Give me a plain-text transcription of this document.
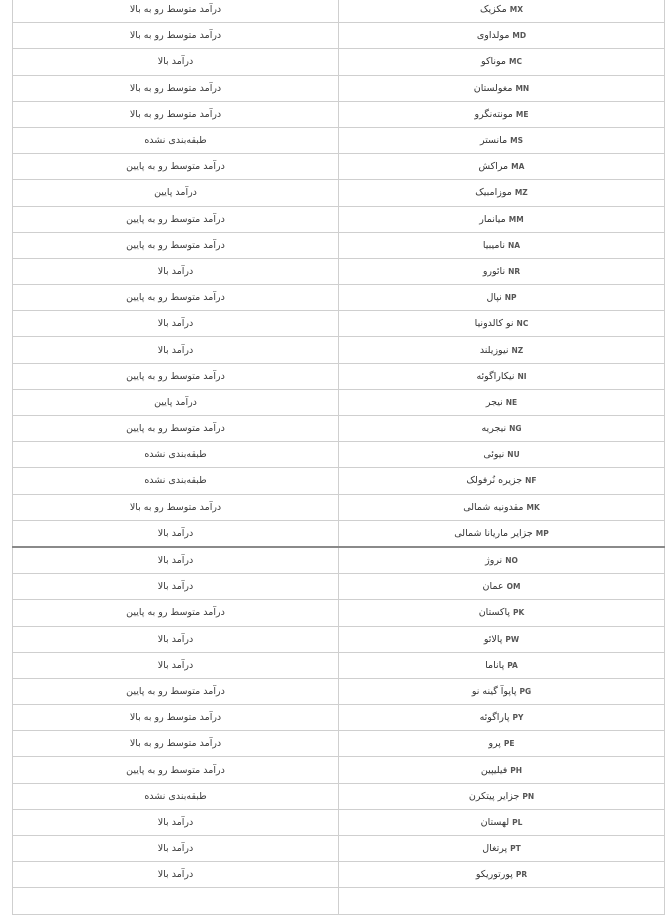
MXمکزیک	درآمد متوسط رو به بالا
MDمولداوی	درآمد متوسط رو به بالا
MCموناکو	درآمد بالا
MNمغولستان	درآمد متوسط رو به بالا
MEمونته‌نگرو	درآمد متوسط رو به بالا
MSمانستر	طبقه‌بندی نشده
MAمراکش	درآمد متوسط رو به پایین
MZموزامبیک	درآمد پایین
MMمیانمار	درآمد متوسط رو به پایین
NAنامیبیا	درآمد متوسط رو به پایین
NRنائورو	درآمد بالا
NPنپال	درآمد متوسط رو به پایین
NCنو کالدونیا	درآمد بالا
NZنیوزیلند	درآمد بالا
NIنیکاراگوئه	درآمد متوسط رو به پایین
NEنیجر	درآمد پایین
NGنیجریه	درآمد متوسط رو به پایین
NUنیوئی	طبقه‌بندی نشده
NFجزیره نُرفولک	طبقه‌بندی نشده
MKمقدونیه شمالی	درآمد متوسط رو به بالا
MPجزایر ماریانا شمالی	درآمد بالا
NOنروژ	درآمد بالا
OMعمان	درآمد بالا
PKپاکستان	درآمد متوسط رو به پایین
PWپالائو	درآمد بالا
PAپاناما	درآمد بالا
PGپاپوآ گینه نو	درآمد متوسط رو به پایین
PYپاراگوئه	درآمد متوسط رو به بالا
PEپرو	درآمد متوسط رو به بالا
PHفیلیپین	درآمد متوسط رو به پایین
PNجزایر پیتکرن	طبقه‌بندی نشده
PLلهستان	درآمد بالا
PTپرتغال	درآمد بالا
PRپورتوریکو	درآمد بالا
